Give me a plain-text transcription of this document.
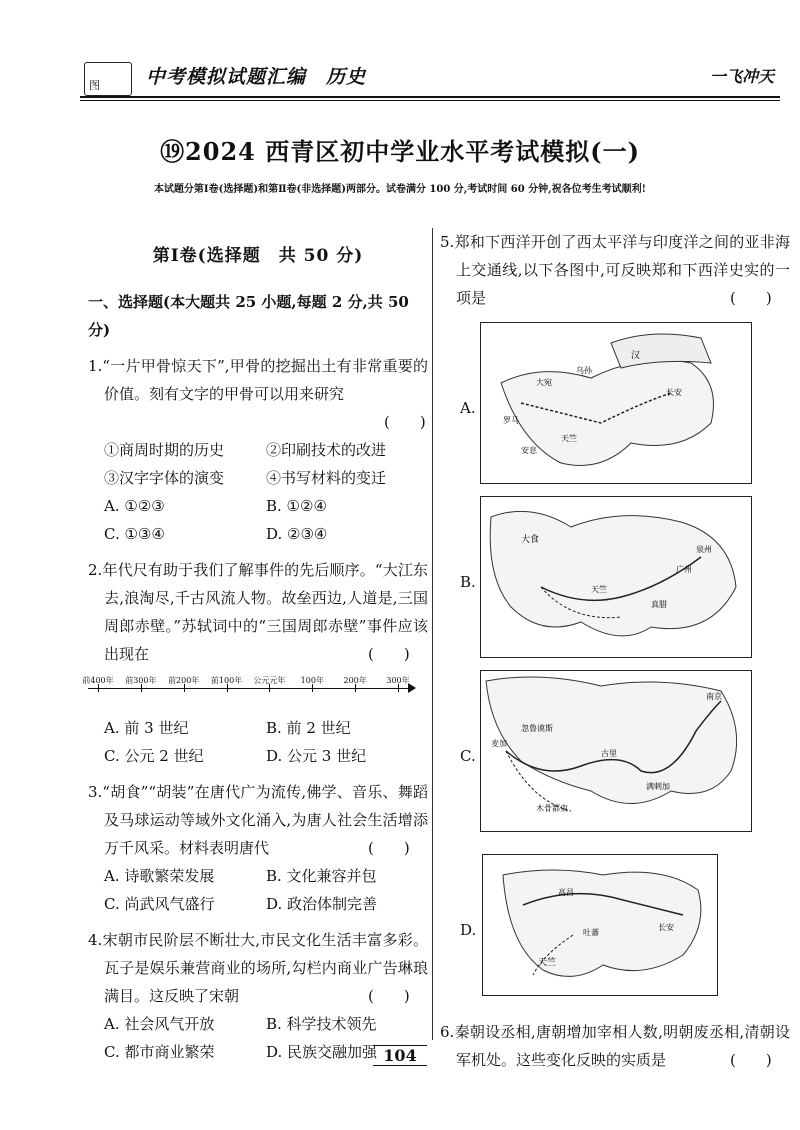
图 中考模拟试题汇编　历史	一飞冲天
⑲2024 西青区初中学业水平考试模拟(一)
本试题分第Ⅰ卷(选择题)和第Ⅱ卷(非选择题)两部分。试卷满分 100 分,考试时间 60 分钟,祝各位考生考试顺利!
第Ⅰ卷(选择题　共 50 分)
一、选择题(本大题共 25 小题,每题 2 分,共 50 分)
1.“一片甲骨惊天下”,甲骨的挖掘出土有非常重要的价值。刻有文字的甲骨可以用来研究
(　　)
①商周时期的历史	②印刷技术的改进
③汉字字体的演变	④书写材料的变迁
A. ①②③	B. ①②④
C. ①③④	D. ②③④
2.年代尺有助于我们了解事件的先后顺序。“大江东去,浪淘尽,千古风流人物。故垒西边,人道是,三国周郎赤壁。”苏轼词中的“三国周郎赤壁”事件应该出现在	(　　)
前400年 前300年 前200年 前100年 公元元年 100年 200年 300年
A. 前 3 世纪	B. 前 2 世纪
C. 公元 2 世纪	D. 公元 3 世纪
3.“胡食”“胡装”在唐代广为流传,佛学、音乐、舞蹈及马球运动等域外文化涌入,为唐人社会生活增添万千风采。材料表明唐代	(　　)
A. 诗歌繁荣发展	B. 文化兼容并包
C. 尚武风气盛行	D. 政治体制完善
4.宋朝市民阶层不断壮大,市民文化生活丰富多彩。瓦子是娱乐兼营商业的场所,勾栏内商业广告琳琅满目。这反映了宋朝	(　　)
A. 社会风气开放	B. 科学技术领先
C. 都市商业繁荣	D. 民族交融加强
5.郑和下西洋开创了西太平洋与印度洋之间的亚非海上交通线,以下各图中,可反映郑和下西洋史实的一项是	(　　)
A.
汉
大宛
乌孙
长安
天竺
罗马
安息
B.
大食
天竺
真腊
泉州
广州
C.
南京
麦加
古里
满剌加
忽鲁谟斯
木骨都束
D.
天竺
长安
吐蕃
高昌
6.秦朝设丞相,唐朝增加宰相人数,明朝废丞相,清朝设军机处。这些变化反映的实质是	(　　)
104
